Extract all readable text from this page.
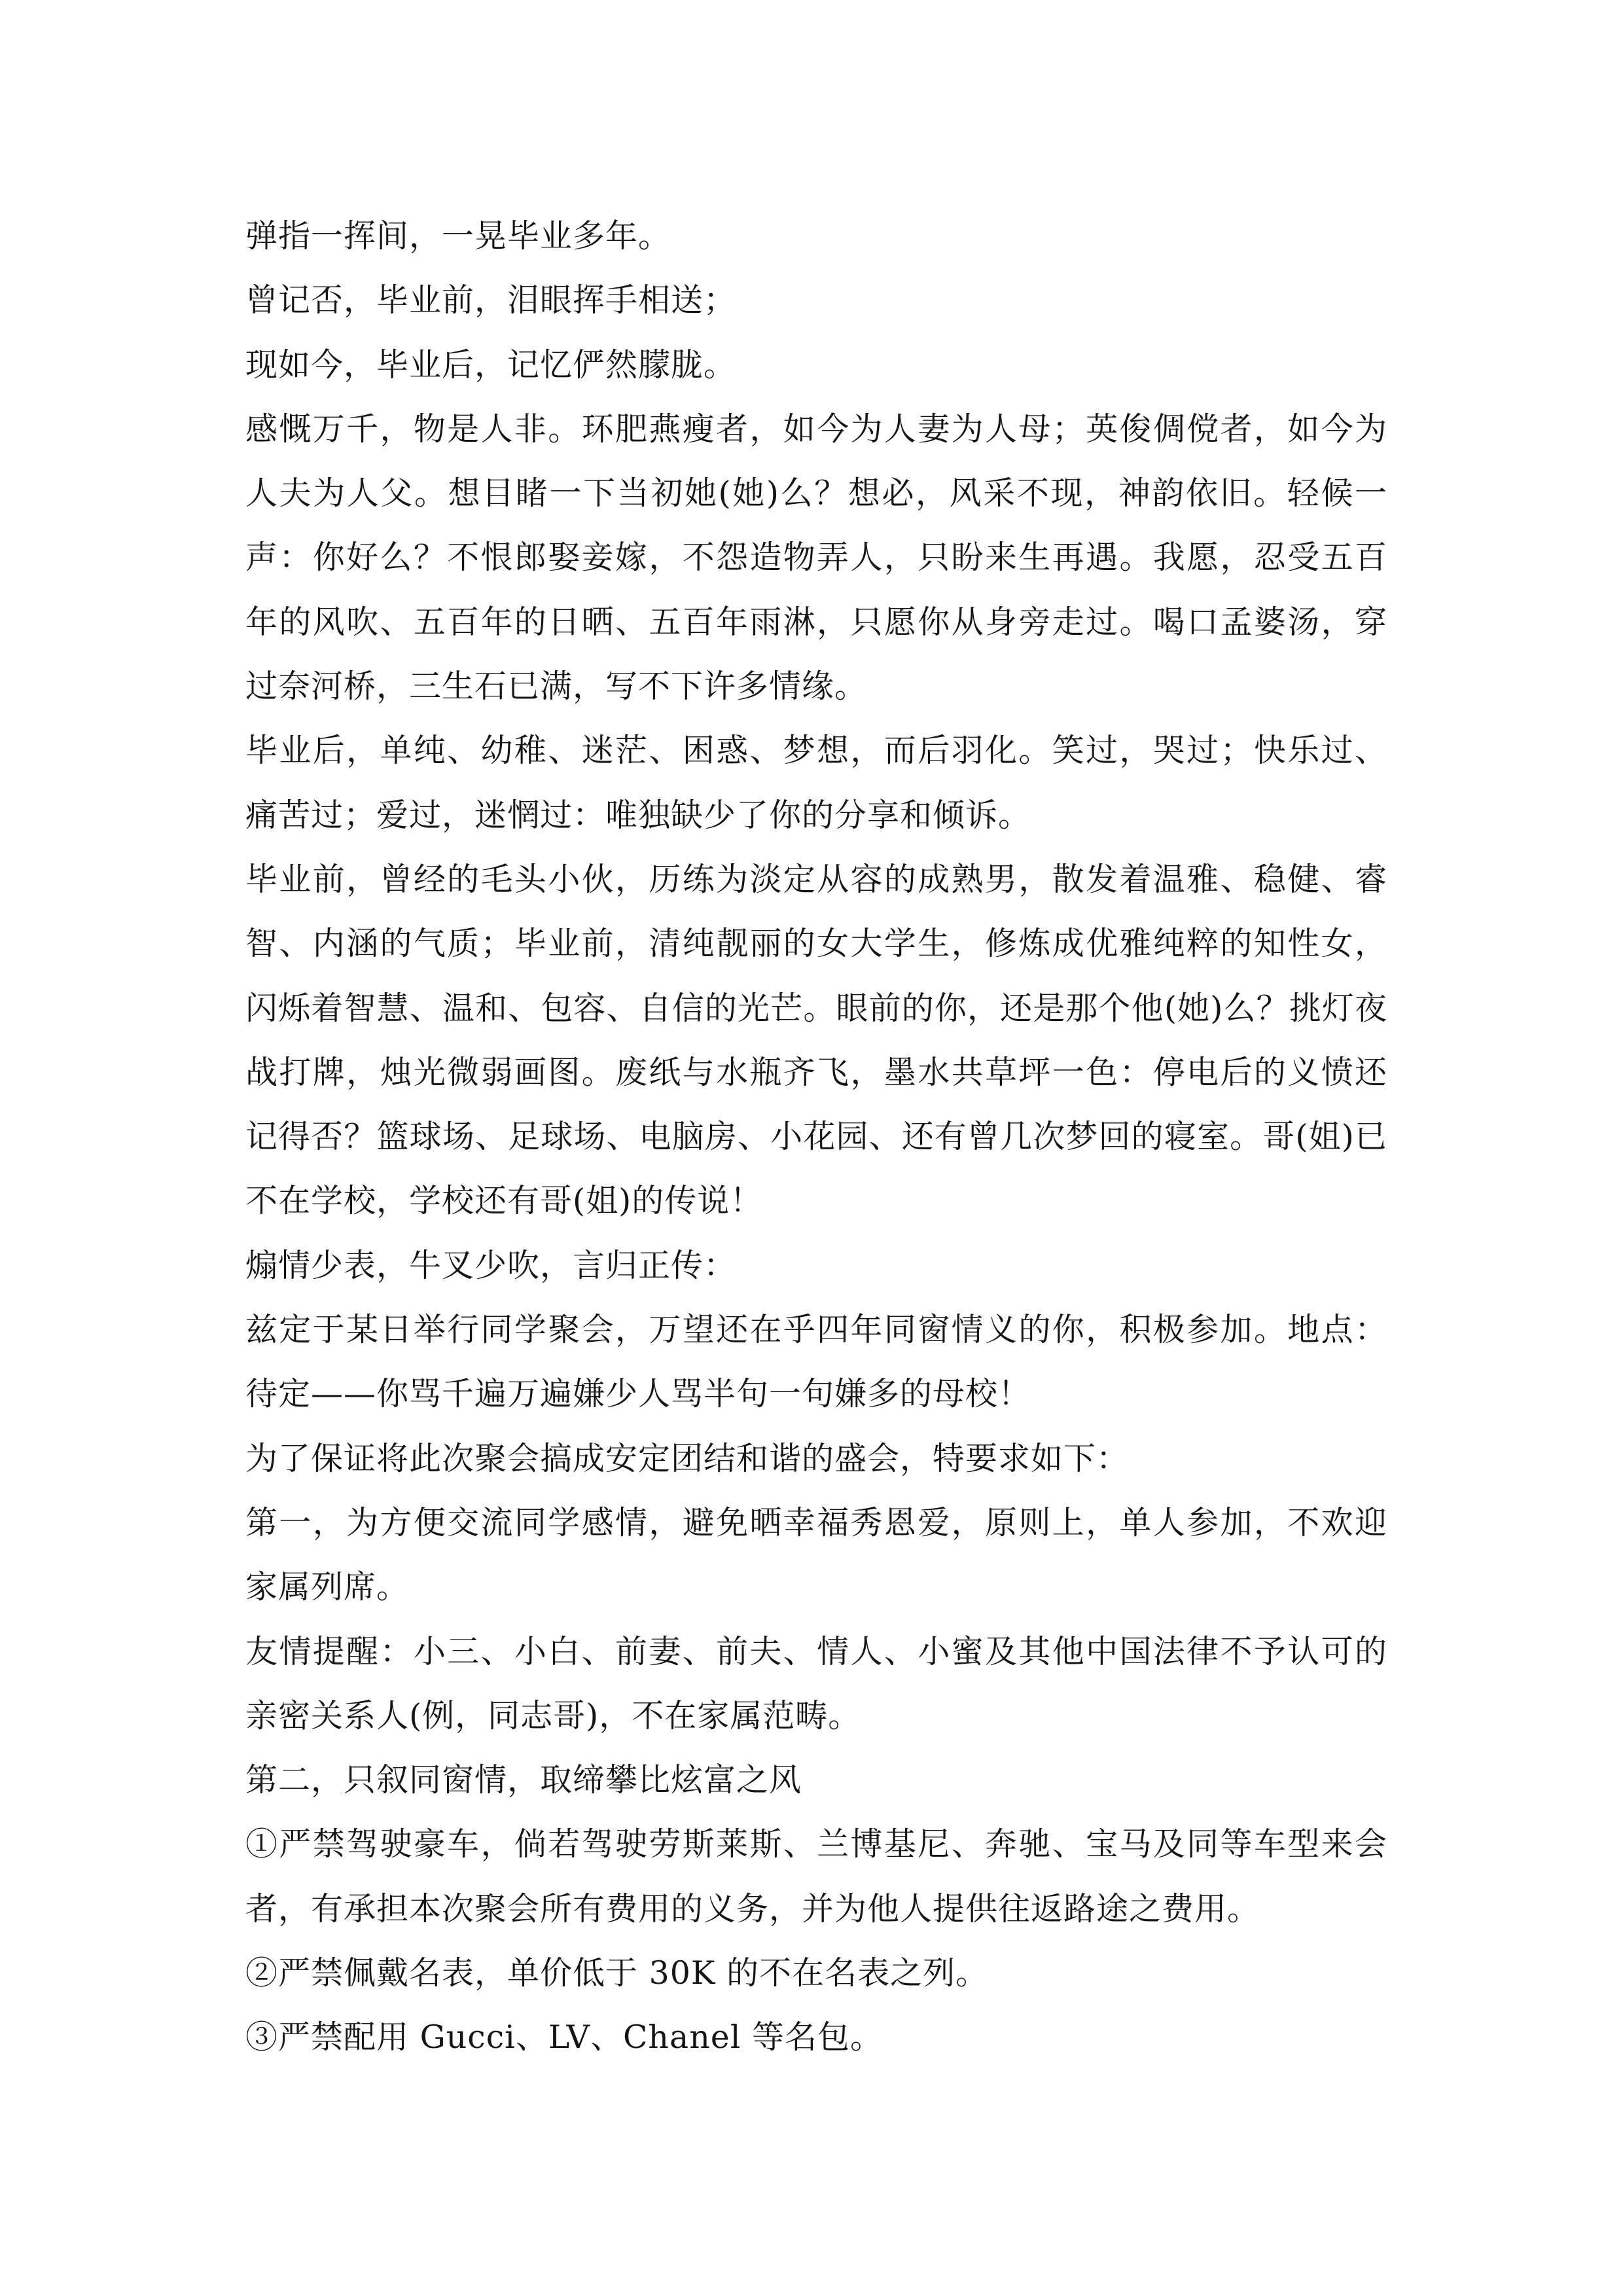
弹指一挥间，一晃毕业多年。

曾记否，毕业前，泪眼挥手相送；

现如今，毕业后，记忆俨然朦胧。

感慨万千，物是人非。环肥燕瘦者，如今为人妻为人母；英俊倜傥者，如今为人夫为人父。想目睹一下当初她(她)么？想必，风采不现，神韵依旧。轻候一声：你好么？不恨郎娶妾嫁，不怨造物弄人，只盼来生再遇。我愿，忍受五百年的风吹、五百年的日晒、五百年雨淋，只愿你从身旁走过。喝口孟婆汤，穿过奈河桥，三生石已满，写不下许多情缘。

毕业后，单纯、幼稚、迷茫、困惑、梦想，而后羽化。笑过，哭过；快乐过、痛苦过；爱过，迷惘过：唯独缺少了你的分享和倾诉。

毕业前，曾经的毛头小伙，历练为淡定从容的成熟男，散发着温雅、稳健、睿智、内涵的气质；毕业前，清纯靓丽的女大学生，修炼成优雅纯粹的知性女，闪烁着智慧、温和、包容、自信的光芒。眼前的你，还是那个他(她)么？挑灯夜战打牌，烛光微弱画图。废纸与水瓶齐飞，墨水共草坪一色：停电后的义愤还记得否？篮球场、足球场、电脑房、小花园、还有曾几次梦回的寝室。哥(姐)已不在学校，学校还有哥(姐)的传说！

煽情少表，牛叉少吹，言归正传：

兹定于某日举行同学聚会，万望还在乎四年同窗情义的你，积极参加。地点：待定——你骂千遍万遍嫌少人骂半句一句嫌多的母校！

为了保证将此次聚会搞成安定团结和谐的盛会，特要求如下：

第一，为方便交流同学感情，避免晒幸福秀恩爱，原则上，单人参加，不欢迎家属列席。

友情提醒：小三、小白、前妻、前夫、情人、小蜜及其他中国法律不予认可的亲密关系人(例，同志哥)，不在家属范畴。

第二，只叙同窗情，取缔攀比炫富之风

①严禁驾驶豪车，倘若驾驶劳斯莱斯、兰博基尼、奔驰、宝马及同等车型来会者，有承担本次聚会所有费用的义务，并为他人提供往返路途之费用。

②严禁佩戴名表，单价低于 30K 的不在名表之列。

③严禁配用 Gucci、LV、Chanel 等名包。
